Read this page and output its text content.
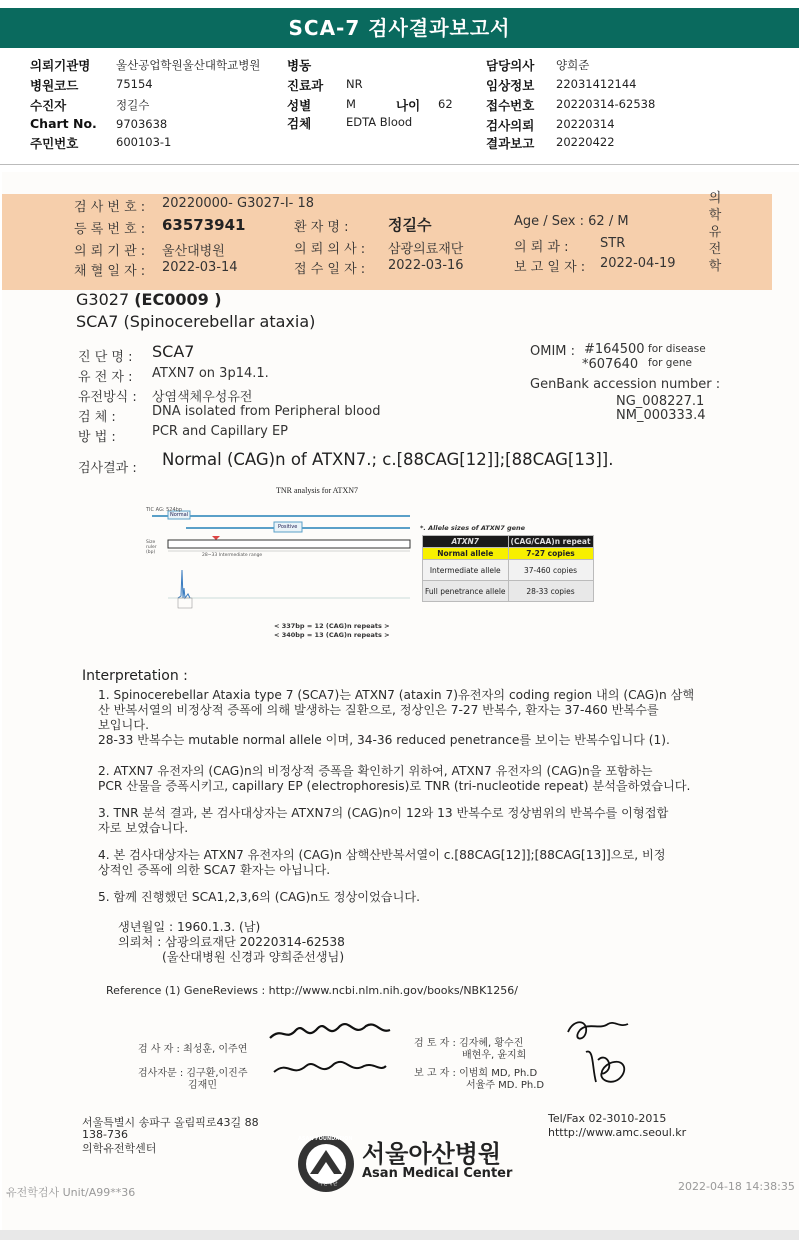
SCA-7 검사결과보고서
의뢰기관명 울산공업학원울산대학교병원
병원코드	75154
수진자	정길수
Chart No. 9703638
주민번호	600103-1
병동
진료과 NR
성별	M	나이 62
검체	EDTA Blood
담당의사 양희준
임상정보 22031412144
접수번호 20220314-62538
검사의뢰 20220314
결과보고 20220422
검 사 번 호 : 20220000- G3027-I- 18
등 록 번 호 : 63573941	환 자 명 :	정길수	Age / Sex : 62 / M
의 뢰 기 관 : 울산대병원	의 뢰 의 사 : 삼광의료재단	의 뢰 과 : STR
채 혈 일 자 : 2022-03-14	접 수 일 자 : 2022-03-16	보 고 일 자 : 2022-04-19
의
학
유
전
학
G3027 (EC0009 )
SCA7 (Spinocerebellar ataxia)
진 단 명 : SCA7
유 전 자 : ATXN7 on 3p14.1.
유전방식 : 상염색체우성유전
검 체 :	DNA isolated from Peripheral blood
방 법 :	PCR and Capillary EP
OMIM : #164500 for disease
*607640 for gene
GenBank accession number :
NG_008227.1
NM_000333.4
검사결과 : Normal (CAG)n of ATXN7.; c.[88CAG[12]];[88CAG[13]].
TNR analysis for ATXN7
TIC AG: 524bp
Normal
Positive
28~33 Intermediate range
Size ruler (bp)
*. Allele sizes of ATXN7 gene
ATXN7	(CAG/CAA)n repeat
Normal allele	7-27 copies
Intermediate allele	37-460 copies
Full penetrance allele	28-33 copies
< 337bp = 12 (CAG)n repeats >
< 340bp = 13 (CAG)n repeats >
Interpretation :
1. Spinocerebellar Ataxia type 7 (SCA7)는 ATXN7 (ataxin 7)유전자의 coding region 내의 (CAG)n 삼핵
산 반복서열의 비정상적 증폭에 의해 발생하는 질환으로, 정상인은 7-27 반복수, 환자는 37-460 반복수를
보입니다.
28-33 반복수는 mutable normal allele 이며, 34-36 reduced penetrance를 보이는 반복수입니다 (1).
2. ATXN7 유전자의 (CAG)n의 비정상적 증폭을 확인하기 위하여, ATXN7 유전자의 (CAG)n을 포함하는
PCR 산물을 증폭시키고, capillary EP (electrophoresis)로 TNR (tri-nucleotide repeat) 분석을하였습니다.
3. TNR 분석 결과, 본 검사대상자는 ATXN7의 (CAG)n이 12와 13 반복수로 정상범위의 반복수를 이형접합
자로 보였습니다.
4. 본 검사대상자는 ATXN7 유전자의 (CAG)n 삼핵산반복서열이 c.[88CAG[12]];[88CAG[13]]으로, 비정
상적인 증폭에 의한 SCA7 환자는 아닙니다.
5. 함께 진행했던 SCA1,2,3,6의 (CAG)n도 정상이었습니다.
생년월일 : 1960.1.3. (남)
의뢰처 : 삼광의료재단 20220314-62538
(울산대병원 신경과 양희준선생님)
Reference (1) GeneReviews : http://www.ncbi.nlm.nih.gov/books/NBK1256/
검 사 자 : 최성훈, 이주연
검사자문 : 김구환,이진주
김재민
검 토 자 : 김자혜, 황수진
배현우, 윤지희
보 고 자 : 이범희 MD, Ph.D
서율주 MD. Ph.D
서울특별시 송파구 올림픽로43길 88
138-736
의학유전학센터
Tel/Fax 02-3010-2015
htttp://www.amc.seoul.kr
ASAN FOUNDATION
아산재단
서울아산병원
Asan Medical Center
유전학검사 Unit/A99**36	2022-04-18 14:38:35
